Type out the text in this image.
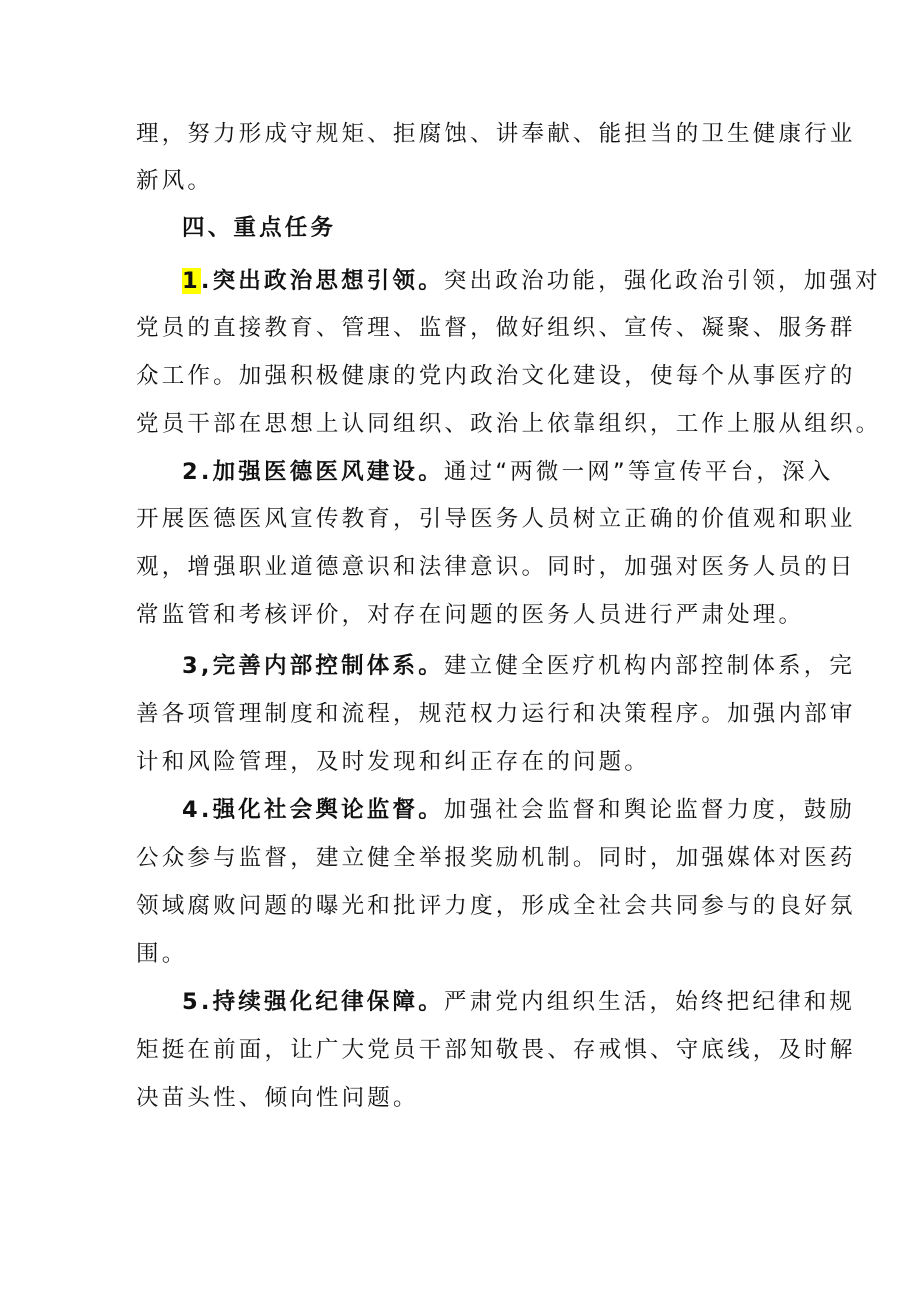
理，努力形成守规矩、拒腐蚀、讲奉献、能担当的卫生健康行业
新风。
四、重点任务
1.突出政治思想引领。突出政治功能，强化政治引领，加强对
党员的直接教育、管理、监督，做好组织、宣传、凝聚、服务群
众工作。加强积极健康的党内政治文化建设，使每个从事医疗的
党员干部在思想上认同组织、政治上依靠组织，工作上服从组织。
2.加强医德医风建设。通过“两微一网”等宣传平台，深入
开展医德医风宣传教育，引导医务人员树立正确的价值观和职业
观，增强职业道德意识和法律意识。同时，加强对医务人员的日
常监管和考核评价，对存在问题的医务人员进行严肃处理。
3,完善内部控制体系。建立健全医疗机构内部控制体系，完
善各项管理制度和流程，规范权力运行和决策程序。加强内部审
计和风险管理，及时发现和纠正存在的问题。
4.强化社会舆论监督。加强社会监督和舆论监督力度，鼓励
公众参与监督，建立健全举报奖励机制。同时，加强媒体对医药
领域腐败问题的曝光和批评力度，形成全社会共同参与的良好氛
围。
5.持续强化纪律保障。严肃党内组织生活，始终把纪律和规
矩挺在前面，让广大党员干部知敬畏、存戒惧、守底线，及时解
决苗头性、倾向性问题。
